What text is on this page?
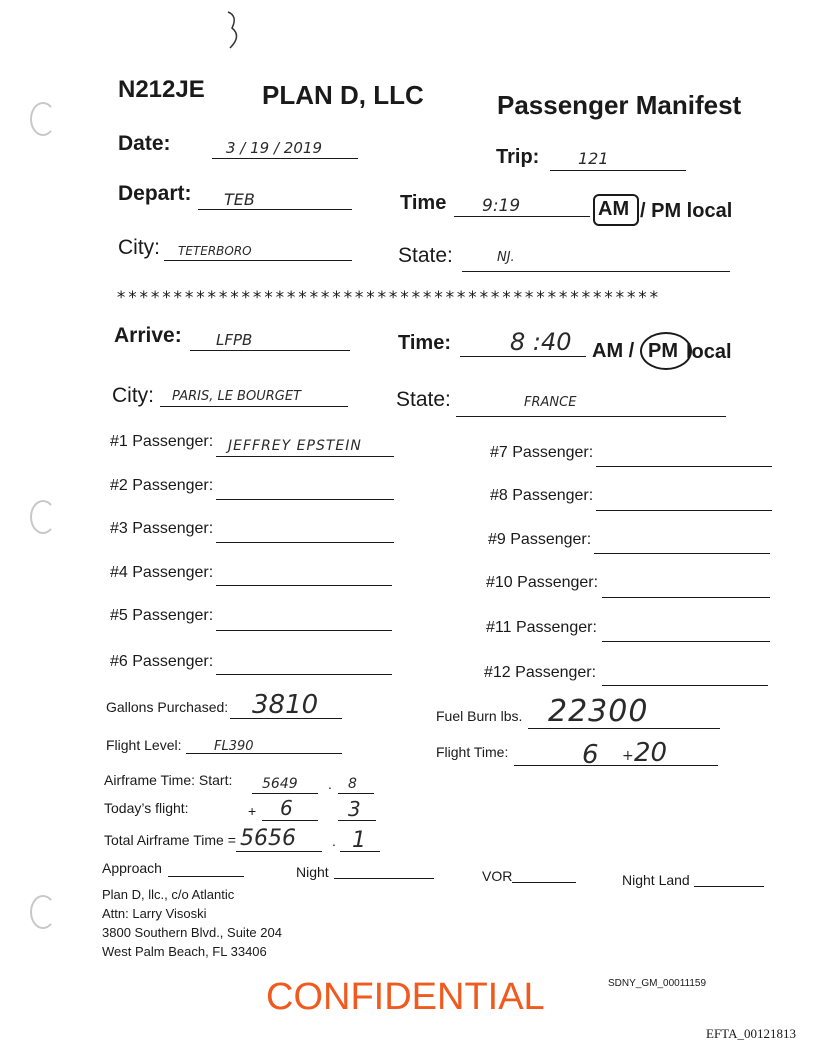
N212JE PLAN D, LLC	Passenger Manifest
Date:	3 / 19 / 2019	Trip: 121
Depart: TEB	Time 9:19	AM / PM local
City: TETERBORO	State:	NJ.
************************************************
Arrive: LFPB	Time: 8 :40 AM / PM local
City: PARIS, LE BOURGET	State:	FRANCE
#1 Passenger: JEFFREY EPSTEIN
#2 Passenger:
#3 Passenger:
#4 Passenger:
#5 Passenger:
#6 Passenger:
#7 Passenger:
#8 Passenger:
#9 Passenger:
#10 Passenger:
#11 Passenger:
#12 Passenger:
Gallons Purchased: 3810	Fuel Burn lbs. 22300
Flight Level:	FL390	Flight Time:	6 + 20
Airframe Time: Start: 5649 . 8
Today’s flight:	+ 6	3
Total Airframe Time = 5656	. 1
Approach	Night	VOR	Night Land
Plan D, llc., c/o Atlantic
Attn: Larry Visoski
3800 Southern Blvd., Suite 204
West Palm Beach, FL 33406
SDNY_GM_00011159
CONFIDENTIAL
EFTA_00121813
